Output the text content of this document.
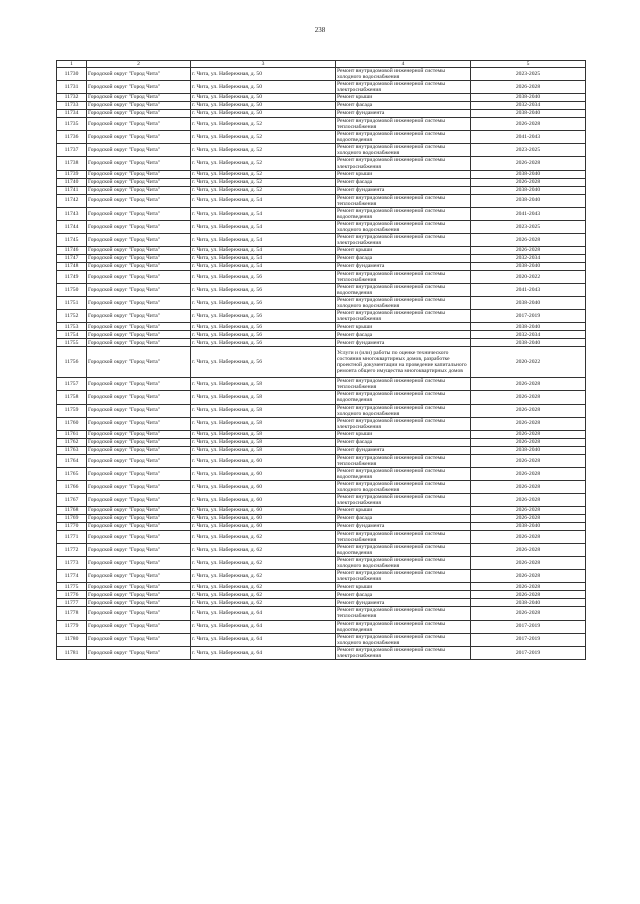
238
1	2	3	4	5
11730	Городской округ "Город Чита"	г. Чита, ул. Набережная, д. 50	Ремонт внутридомовой инженерной системы холодного водоснабжения	2023-2025
11731	Городской округ "Город Чита"	г. Чита, ул. Набережная, д. 50	Ремонт внутридомовой инженерной системы электроснабжения	2026-2028
11732	Городской округ "Город Чита"	г. Чита, ул. Набережная, д. 50	Ремонт крыши	2038-2040
11733	Городской округ "Город Чита"	г. Чита, ул. Набережная, д. 50	Ремонт фасада	2032-2034
11734	Городской округ "Город Чита"	г. Чита, ул. Набережная, д. 50	Ремонт фундамента	2038-2040
11735	Городской округ "Город Чита"	г. Чита, ул. Набережная, д. 52	Ремонт внутридомовой инженерной системы теплоснабжения	2026-2028
11736	Городской округ "Город Чита"	г. Чита, ул. Набережная, д. 52	Ремонт внутридомовой инженерной системы водоотведения	2041-2043
11737	Городской округ "Город Чита"	г. Чита, ул. Набережная, д. 52	Ремонт внутридомовой инженерной системы холодного водоснабжения	2023-2025
11738	Городской округ "Город Чита"	г. Чита, ул. Набережная, д. 52	Ремонт внутридомовой инженерной системы электроснабжения	2026-2028
11739	Городской округ "Город Чита"	г. Чита, ул. Набережная, д. 52	Ремонт крыши	2038-2040
11740	Городской округ "Город Чита"	г. Чита, ул. Набережная, д. 52	Ремонт фасада	2026-2028
11741	Городской округ "Город Чита"	г. Чита, ул. Набережная, д. 52	Ремонт фундамента	2038-2040
11742	Городской округ "Город Чита"	г. Чита, ул. Набережная, д. 54	Ремонт внутридомовой инженерной системы теплоснабжения	2038-2040
11743	Городской округ "Город Чита"	г. Чита, ул. Набережная, д. 54	Ремонт внутридомовой инженерной системы водоотведения	2041-2043
11744	Городской округ "Город Чита"	г. Чита, ул. Набережная, д. 54	Ремонт внутридомовой инженерной системы холодного водоснабжения	2023-2025
11745	Городской округ "Город Чита"	г. Чита, ул. Набережная, д. 54	Ремонт внутридомовой инженерной системы электроснабжения	2026-2028
11746	Городской округ "Город Чита"	г. Чита, ул. Набережная, д. 54	Ремонт крыши	2026-2028
11747	Городской округ "Город Чита"	г. Чита, ул. Набережная, д. 54	Ремонт фасада	2032-2034
11748	Городской округ "Город Чита"	г. Чита, ул. Набережная, д. 54	Ремонт фундамента	2038-2040
11749	Городской округ "Город Чита"	г. Чита, ул. Набережная, д. 56	Ремонт внутридомовой инженерной системы теплоснабжения	2020-2022
11750	Городской округ "Город Чита"	г. Чита, ул. Набережная, д. 56	Ремонт внутридомовой инженерной системы водоотведения	2041-2043
11751	Городской округ "Город Чита"	г. Чита, ул. Набережная, д. 56	Ремонт внутридомовой инженерной системы холодного водоснабжения	2038-2040
11752	Городской округ "Город Чита"	г. Чита, ул. Набережная, д. 56	Ремонт внутридомовой инженерной системы электроснабжения	2017-2019
11753	Городской округ "Город Чита"	г. Чита, ул. Набережная, д. 56	Ремонт крыши	2038-2040
11754	Городской округ "Город Чита"	г. Чита, ул. Набережная, д. 56	Ремонт фасада	2032-2034
11755	Городской округ "Город Чита"	г. Чита, ул. Набережная, д. 56	Ремонт фундамента	2038-2040
11756	Городской округ "Город Чита"	г. Чита, ул. Набережная, д. 56	Услуги и (или) работы по оценке технического состояния многоквартирных домов, разработке проектной документации на проведение капитального ремонта общего имущества многоквартирных домов	2020-2022
11757	Городской округ "Город Чита"	г. Чита, ул. Набережная, д. 58	Ремонт внутридомовой инженерной системы теплоснабжения	2026-2028
11758	Городской округ "Город Чита"	г. Чита, ул. Набережная, д. 58	Ремонт внутридомовой инженерной системы водоотведения	2026-2028
11759	Городской округ "Город Чита"	г. Чита, ул. Набережная, д. 58	Ремонт внутридомовой инженерной системы холодного водоснабжения	2026-2028
11760	Городской округ "Город Чита"	г. Чита, ул. Набережная, д. 58	Ремонт внутридомовой инженерной системы электроснабжения	2026-2028
11761	Городской округ "Город Чита"	г. Чита, ул. Набережная, д. 58	Ремонт крыши	2026-2028
11762	Городской округ "Город Чита"	г. Чита, ул. Набережная, д. 58	Ремонт фасада	2026-2028
11763	Городской округ "Город Чита"	г. Чита, ул. Набережная, д. 58	Ремонт фундамента	2038-2040
11764	Городской округ "Город Чита"	г. Чита, ул. Набережная, д. 60	Ремонт внутридомовой инженерной системы теплоснабжения	2026-2028
11765	Городской округ "Город Чита"	г. Чита, ул. Набережная, д. 60	Ремонт внутридомовой инженерной системы водоотведения	2026-2028
11766	Городской округ "Город Чита"	г. Чита, ул. Набережная, д. 60	Ремонт внутридомовой инженерной системы холодного водоснабжения	2026-2028
11767	Городской округ "Город Чита"	г. Чита, ул. Набережная, д. 60	Ремонт внутридомовой инженерной системы электроснабжения	2026-2028
11768	Городской округ "Город Чита"	г. Чита, ул. Набережная, д. 60	Ремонт крыши	2026-2028
11769	Городской округ "Город Чита"	г. Чита, ул. Набережная, д. 60	Ремонт фасада	2026-2028
11770	Городской округ "Город Чита"	г. Чита, ул. Набережная, д. 60	Ремонт фундамента	2038-2040
11771	Городской округ "Город Чита"	г. Чита, ул. Набережная, д. 62	Ремонт внутридомовой инженерной системы теплоснабжения	2026-2028
11772	Городской округ "Город Чита"	г. Чита, ул. Набережная, д. 62	Ремонт внутридомовой инженерной системы водоотведения	2026-2028
11773	Городской округ "Город Чита"	г. Чита, ул. Набережная, д. 62	Ремонт внутридомовой инженерной системы холодного водоснабжения	2026-2028
11774	Городской округ "Город Чита"	г. Чита, ул. Набережная, д. 62	Ремонт внутридомовой инженерной системы электроснабжения	2026-2028
11775	Городской округ "Город Чита"	г. Чита, ул. Набережная, д. 62	Ремонт крыши	2026-2028
11776	Городской округ "Город Чита"	г. Чита, ул. Набережная, д. 62	Ремонт фасада	2026-2028
11777	Городской округ "Город Чита"	г. Чита, ул. Набережная, д. 62	Ремонт фундамента	2038-2040
11778	Городской округ "Город Чита"	г. Чита, ул. Набережная, д. 64	Ремонт внутридомовой инженерной системы теплоснабжения	2026-2028
11779	Городской округ "Город Чита"	г. Чита, ул. Набережная, д. 64	Ремонт внутридомовой инженерной системы водоотведения	2017-2019
11780	Городской округ "Город Чита"	г. Чита, ул. Набережная, д. 64	Ремонт внутридомовой инженерной системы холодного водоснабжения	2017-2019
11781	Городской округ "Город Чита"	г. Чита, ул. Набережная, д. 64	Ремонт внутридомовой инженерной системы электроснабжения	2017-2019
